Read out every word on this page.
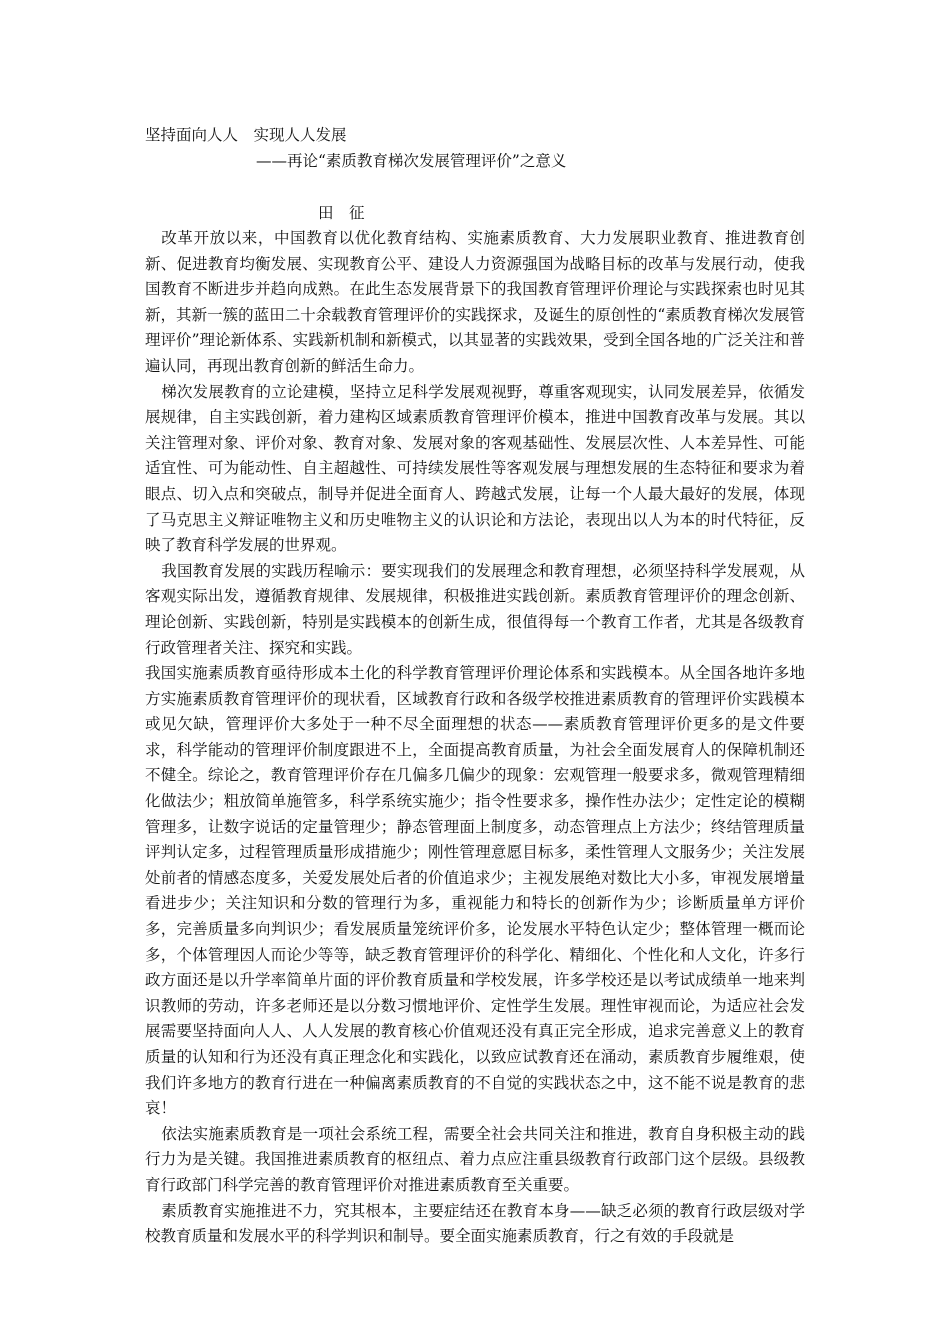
坚持面向人人　实现人人发展
——再论“素质教育梯次发展管理评价”之意义
田　征

改革开放以来，中国教育以优化教育结构、实施素质教育、大力发展职业教育、推进教育创新、促进教育均衡发展、实现教育公平、建设人力资源强国为战略目标的改革与发展行动，使我国教育不断进步并趋向成熟。在此生态发展背景下的我国教育管理评价理论与实践探索也时见其新，其新一簇的蓝田二十余载教育管理评价的实践探求，及诞生的原创性的“素质教育梯次发展管理评价”理论新体系、实践新机制和新模式，以其显著的实践效果，受到全国各地的广泛关注和普遍认同，再现出教育创新的鲜活生命力。

梯次发展教育的立论建模，坚持立足科学发展观视野，尊重客观现实，认同发展差异，依循发展规律，自主实践创新，着力建构区域素质教育管理评价模本，推进中国教育改革与发展。其以关注管理对象、评价对象、教育对象、发展对象的客观基础性、发展层次性、人本差异性、可能适宜性、可为能动性、自主超越性、可持续发展性等客观发展与理想发展的生态特征和要求为着眼点、切入点和突破点，制导并促进全面育人、跨越式发展，让每一个人最大最好的发展，体现了马克思主义辩证唯物主义和历史唯物主义的认识论和方法论，表现出以人为本的时代特征，反映了教育科学发展的世界观。

我国教育发展的实践历程喻示：要实现我们的发展理念和教育理想，必须坚持科学发展观，从客观实际出发，遵循教育规律、发展规律，积极推进实践创新。素质教育管理评价的理念创新、理论创新、实践创新，特别是实践模本的创新生成，很值得每一个教育工作者，尤其是各级教育行政管理者关注、探究和实践。

我国实施素质教育亟待形成本土化的科学教育管理评价理论体系和实践模本。从全国各地许多地方实施素质教育管理评价的现状看，区域教育行政和各级学校推进素质教育的管理评价实践模本或见欠缺，管理评价大多处于一种不尽全面理想的状态——素质教育管理评价更多的是文件要求，科学能动的管理评价制度跟进不上，全面提高教育质量，为社会全面发展育人的保障机制还不健全。综论之，教育管理评价存在几偏多几偏少的现象：宏观管理一般要求多，微观管理精细化做法少；粗放简单施管多，科学系统实施少；指令性要求多，操作性办法少；定性定论的模糊管理多，让数字说话的定量管理少；静态管理面上制度多，动态管理点上方法少；终结管理质量评判认定多，过程管理质量形成措施少；刚性管理意愿目标多，柔性管理人文服务少；关注发展处前者的情感态度多，关爱发展处后者的价值追求少；主视发展绝对数比大小多，审视发展增量看进步少；关注知识和分数的管理行为多，重视能力和特长的创新作为少；诊断质量单方评价多，完善质量多向判识少；看发展质量笼统评价多，论发展水平特色认定少；整体管理一概而论多，个体管理因人而论少等等，缺乏教育管理评价的科学化、精细化、个性化和人文化，许多行政方面还是以升学率简单片面的评价教育质量和学校发展，许多学校还是以考试成绩单一地来判识教师的劳动，许多老师还是以分数习惯地评价、定性学生发展。理性审视而论，为适应社会发展需要坚持面向人人、人人发展的教育核心价值观还没有真正完全形成，追求完善意义上的教育质量的认知和行为还没有真正理念化和实践化，以致应试教育还在涌动，素质教育步履维艰，使我们许多地方的教育行进在一种偏离素质教育的不自觉的实践状态之中，这不能不说是教育的悲哀！

依法实施素质教育是一项社会系统工程，需要全社会共同关注和推进，教育自身积极主动的践行力为是关键。我国推进素质教育的枢纽点、着力点应注重县级教育行政部门这个层级。县级教育行政部门科学完善的教育管理评价对推进素质教育至关重要。

素质教育实施推进不力，究其根本，主要症结还在教育本身——缺乏必须的教育行政层级对学校教育质量和发展水平的科学判识和制导。要全面实施素质教育，行之有效的手段就是
